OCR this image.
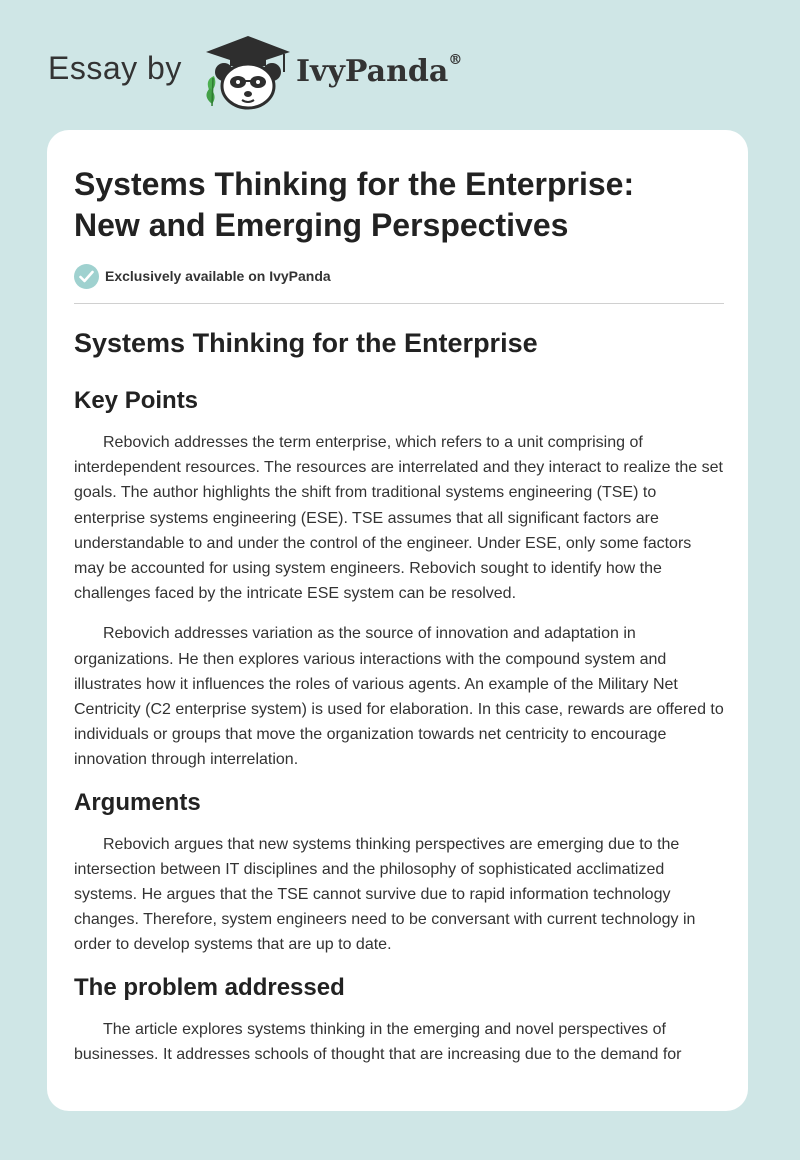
Essay by	IvyPanda®
Systems Thinking for the Enterprise:
New and Emerging Perspectives
Exclusively available on IvyPanda
Systems Thinking for the Enterprise
Key Points

Rebovich addresses the term enterprise, which refers to a unit comprising of interdependent resources. The resources are interrelated and they interact to realize the set goals. The author highlights the shift from traditional systems engineering (TSE) to enterprise systems engineering (ESE). TSE assumes that all significant factors are understandable to and under the control of the engineer. Under ESE, only some factors may be accounted for using system engineers. Rebovich sought to identify how the challenges faced by the intricate ESE system can be resolved.

Rebovich addresses variation as the source of innovation and adaptation in organizations. He then explores various interactions with the compound system and illustrates how it influences the roles of various agents. An example of the Military Net Centricity (C2 enterprise system) is used for elaboration. In this case, rewards are offered to individuals or groups that move the organization towards net centricity to encourage innovation through interrelation.

Arguments

Rebovich argues that new systems thinking perspectives are emerging due to the intersection between IT disciplines and the philosophy of sophisticated acclimatized systems. He argues that the TSE cannot survive due to rapid information technology changes. Therefore, system engineers need to be conversant with current technology in order to develop systems that are up to date.

The problem addressed

The article explores systems thinking in the emerging and novel perspectives of businesses. It addresses schools of thought that are increasing due to the demand for
